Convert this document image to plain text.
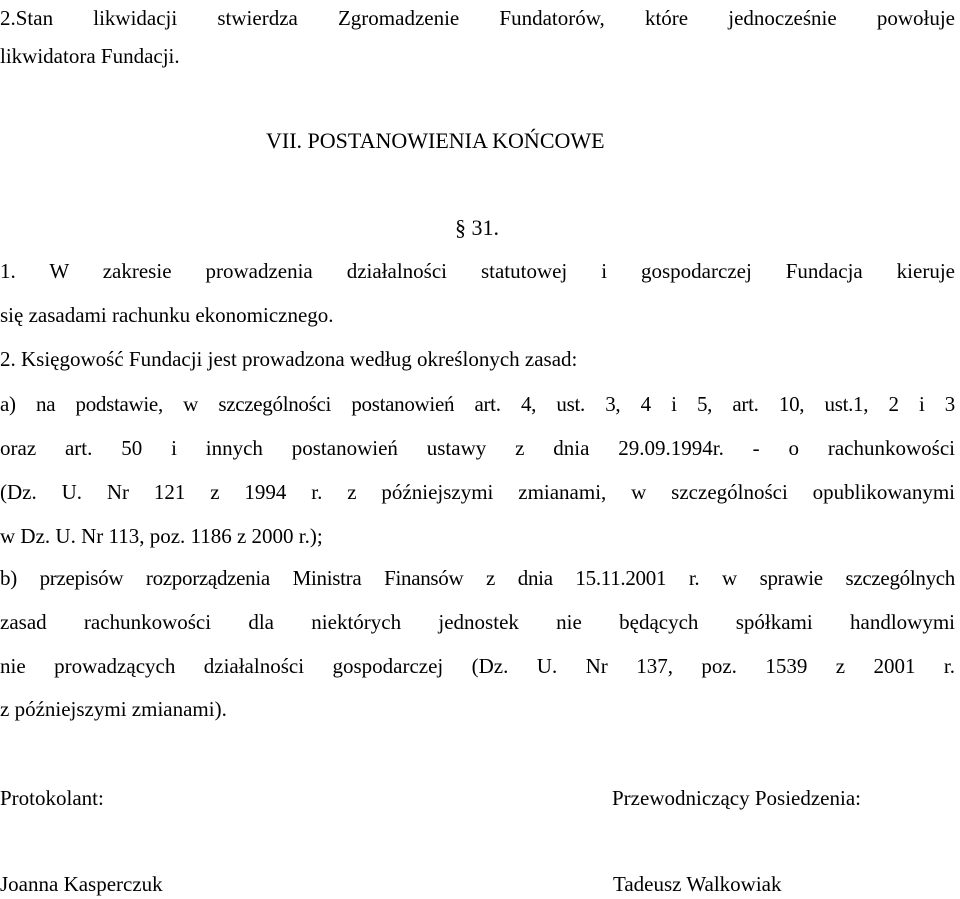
2.Stan likwidacji stwierdza Zgromadzenie Fundatorów, które jednocześnie powołuje
likwidatora Fundacji.
VII. POSTANOWIENIA KOŃCOWE
§ 31.
1. W zakresie prowadzenia działalności statutowej i gospodarczej Fundacja kieruje
się zasadami rachunku ekonomicznego.
2. Księgowość Fundacji jest prowadzona według określonych zasad:
a) na podstawie, w szczególności postanowień art. 4, ust. 3, 4 i 5, art. 10, ust.1, 2 i 3
oraz art. 50 i innych postanowień ustawy z dnia 29.09.1994r. - o rachunkowości
(Dz. U. Nr 121 z 1994 r. z późniejszymi zmianami, w szczególności opublikowanymi
w Dz. U. Nr 113, poz. 1186 z 2000 r.);
b) przepisów rozporządzenia Ministra Finansów z dnia 15.11.2001 r. w sprawie szczególnych
zasad rachunkowości dla niektórych jednostek nie będących spółkami handlowymi
nie prowadzących działalności gospodarczej (Dz. U. Nr 137, poz. 1539 z 2001 r.
z późniejszymi zmianami).
Protokolant:	Przewodniczący Posiedzenia:
Joanna Kasperczuk	Tadeusz Walkowiak
